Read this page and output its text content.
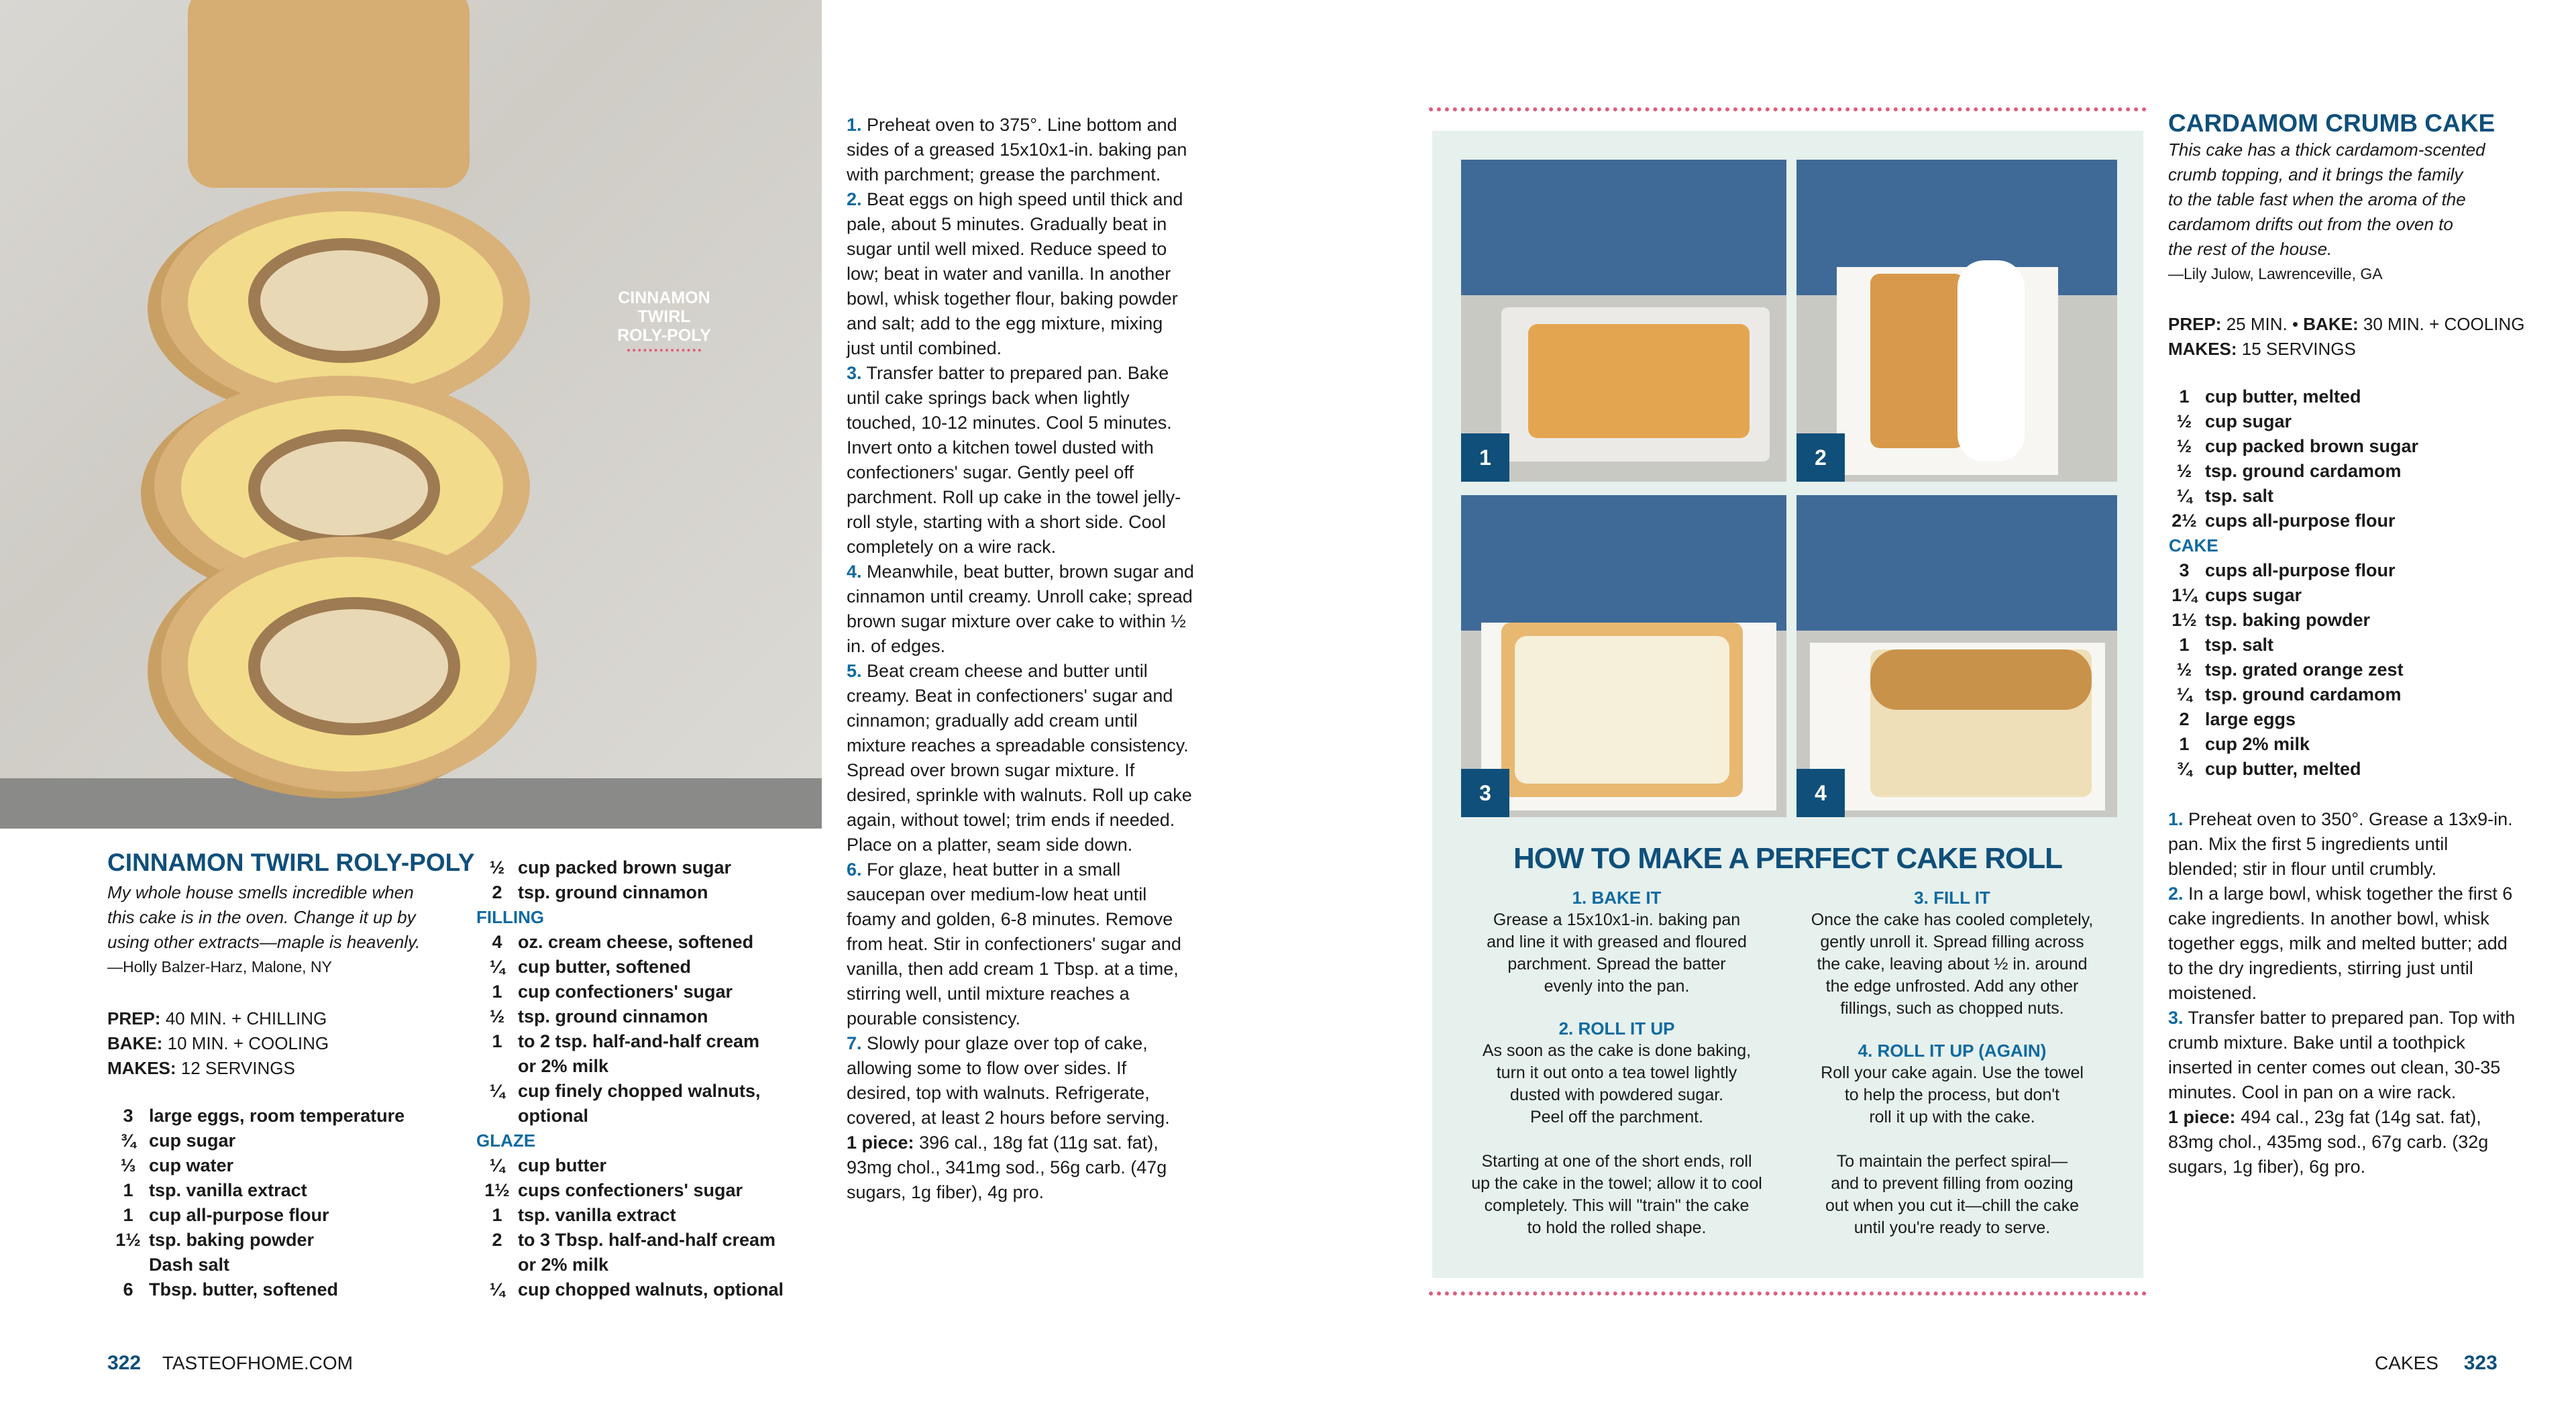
CINNAMON TWIRL
ROLY-POLY
CINNAMON TWIRL ROLY-POLY
My whole house smells incredible when
this cake is in the oven. Change it up by
using other extracts—maple is heavenly.
—Holly Balzer-Harz, Malone, NY
PREP: 40 MIN. + CHILLING
BAKE: 10 MIN. + COOLING
MAKES: 12 SERVINGS
3 large eggs, room temperature
¾ cup sugar
⅓ cup water
1 tsp. vanilla extract
1 cup all-purpose flour
1½ tsp. baking powder
Dash salt
6 Tbsp. butter, softened
½ cup packed brown sugar
2 tsp. ground cinnamon
FILLING
4 oz. cream cheese, softened
¼ cup butter, softened
1 cup confectioners' sugar
½ tsp. ground cinnamon
1 to 2 tsp. half-and-half cream
or 2% milk
¼ cup finely chopped walnuts,
optional
GLAZE
¼ cup butter
1½ cups confectioners' sugar
1 tsp. vanilla extract
2 to 3 Tbsp. half-and-half cream
or 2% milk
¼ cup chopped walnuts, optional
1. Preheat oven to 375°. Line bottom and sides of a greased 15x10x1-in. baking pan with parchment; grease the parchment.
2. Beat eggs on high speed until thick and pale, about 5 minutes. Gradually beat in sugar until well mixed. Reduce speed to low; beat in water and vanilla. In another bowl, whisk together flour, baking powder and salt; add to the egg mixture, mixing just until combined.
3. Transfer batter to prepared pan. Bake until cake springs back when lightly touched, 10-12 minutes. Cool 5 minutes. Invert onto a kitchen towel dusted with confectioners' sugar. Gently peel off parchment. Roll up cake in the towel jelly-roll style, starting with a short side. Cool completely on a wire rack.
4. Meanwhile, beat butter, brown sugar and cinnamon until creamy. Unroll cake; spread brown sugar mixture over cake to within ½ in. of edges.
5. Beat cream cheese and butter until creamy. Beat in confectioners' sugar and cinnamon; gradually add cream until mixture reaches a spreadable consistency. Spread over brown sugar mixture. If desired, sprinkle with walnuts. Roll up cake again, without towel; trim ends if needed. Place on a platter, seam side down.
6. For glaze, heat butter in a small saucepan over medium-low heat until foamy and golden, 6-8 minutes. Remove from heat. Stir in confectioners' sugar and vanilla, then add cream 1 Tbsp. at a time, stirring well, until mixture reaches a pourable consistency.
7. Slowly pour glaze over top of cake, allowing some to flow over sides. If desired, top with walnuts. Refrigerate, covered, at least 2 hours before serving.
1 piece: 396 cal., 18g fat (11g sat. fat), 93mg chol., 341mg sod., 56g carb. (47g sugars, 1g fiber), 4g pro.
1	2
3	4
HOW TO MAKE A PERFECT CAKE ROLL
1. BAKE IT
Grease a 15x10x1-in. baking pan
and line it with greased and floured
parchment. Spread the batter
evenly into the pan.
2. ROLL IT UP
As soon as the cake is done baking,
turn it out onto a tea towel lightly
dusted with powdered sugar.
Peel off the parchment.
Starting at one of the short ends, roll
up the cake in the towel; allow it to cool
completely. This will "train" the cake
to hold the rolled shape.
3. FILL IT
Once the cake has cooled completely,
gently unroll it. Spread filling across
the cake, leaving about ½ in. around
the edge unfrosted. Add any other
fillings, such as chopped nuts.
4. ROLL IT UP (AGAIN)
Roll your cake again. Use the towel
to help the process, but don't
roll it up with the cake.
To maintain the perfect spiral—
and to prevent filling from oozing
out when you cut it—chill the cake
until you're ready to serve.
CARDAMOM CRUMB CAKE
This cake has a thick cardamom-scented
crumb topping, and it brings the family
to the table fast when the aroma of the
cardamom drifts out from the oven to
the rest of the house.
—Lily Julow, Lawrenceville, GA
PREP: 25 MIN. • BAKE: 30 MIN. + COOLING
MAKES: 15 SERVINGS
1 cup butter, melted
½ cup sugar
½ cup packed brown sugar
½ tsp. ground cardamom
¼ tsp. salt
2½ cups all-purpose flour
CAKE
3 cups all-purpose flour
1¼ cups sugar
1½ tsp. baking powder
1 tsp. salt
½ tsp. grated orange zest
¼ tsp. ground cardamom
2 large eggs
1 cup 2% milk
¾ cup butter, melted
1. Preheat oven to 350°. Grease a 13x9-in. pan. Mix the first 5 ingredients until blended; stir in flour until crumbly.
2. In a large bowl, whisk together the first 6 cake ingredients. In another bowl, whisk together eggs, milk and melted butter; add to the dry ingredients, stirring just until moistened.
3. Transfer batter to prepared pan. Top with crumb mixture. Bake until a toothpick inserted in center comes out clean, 30-35 minutes. Cool in pan on a wire rack.
1 piece: 494 cal., 23g fat (14g sat. fat), 83mg chol., 435mg sod., 67g carb. (32g sugars, 1g fiber), 6g pro.
322 TASTEOFHOME.COM	CAKES 323
